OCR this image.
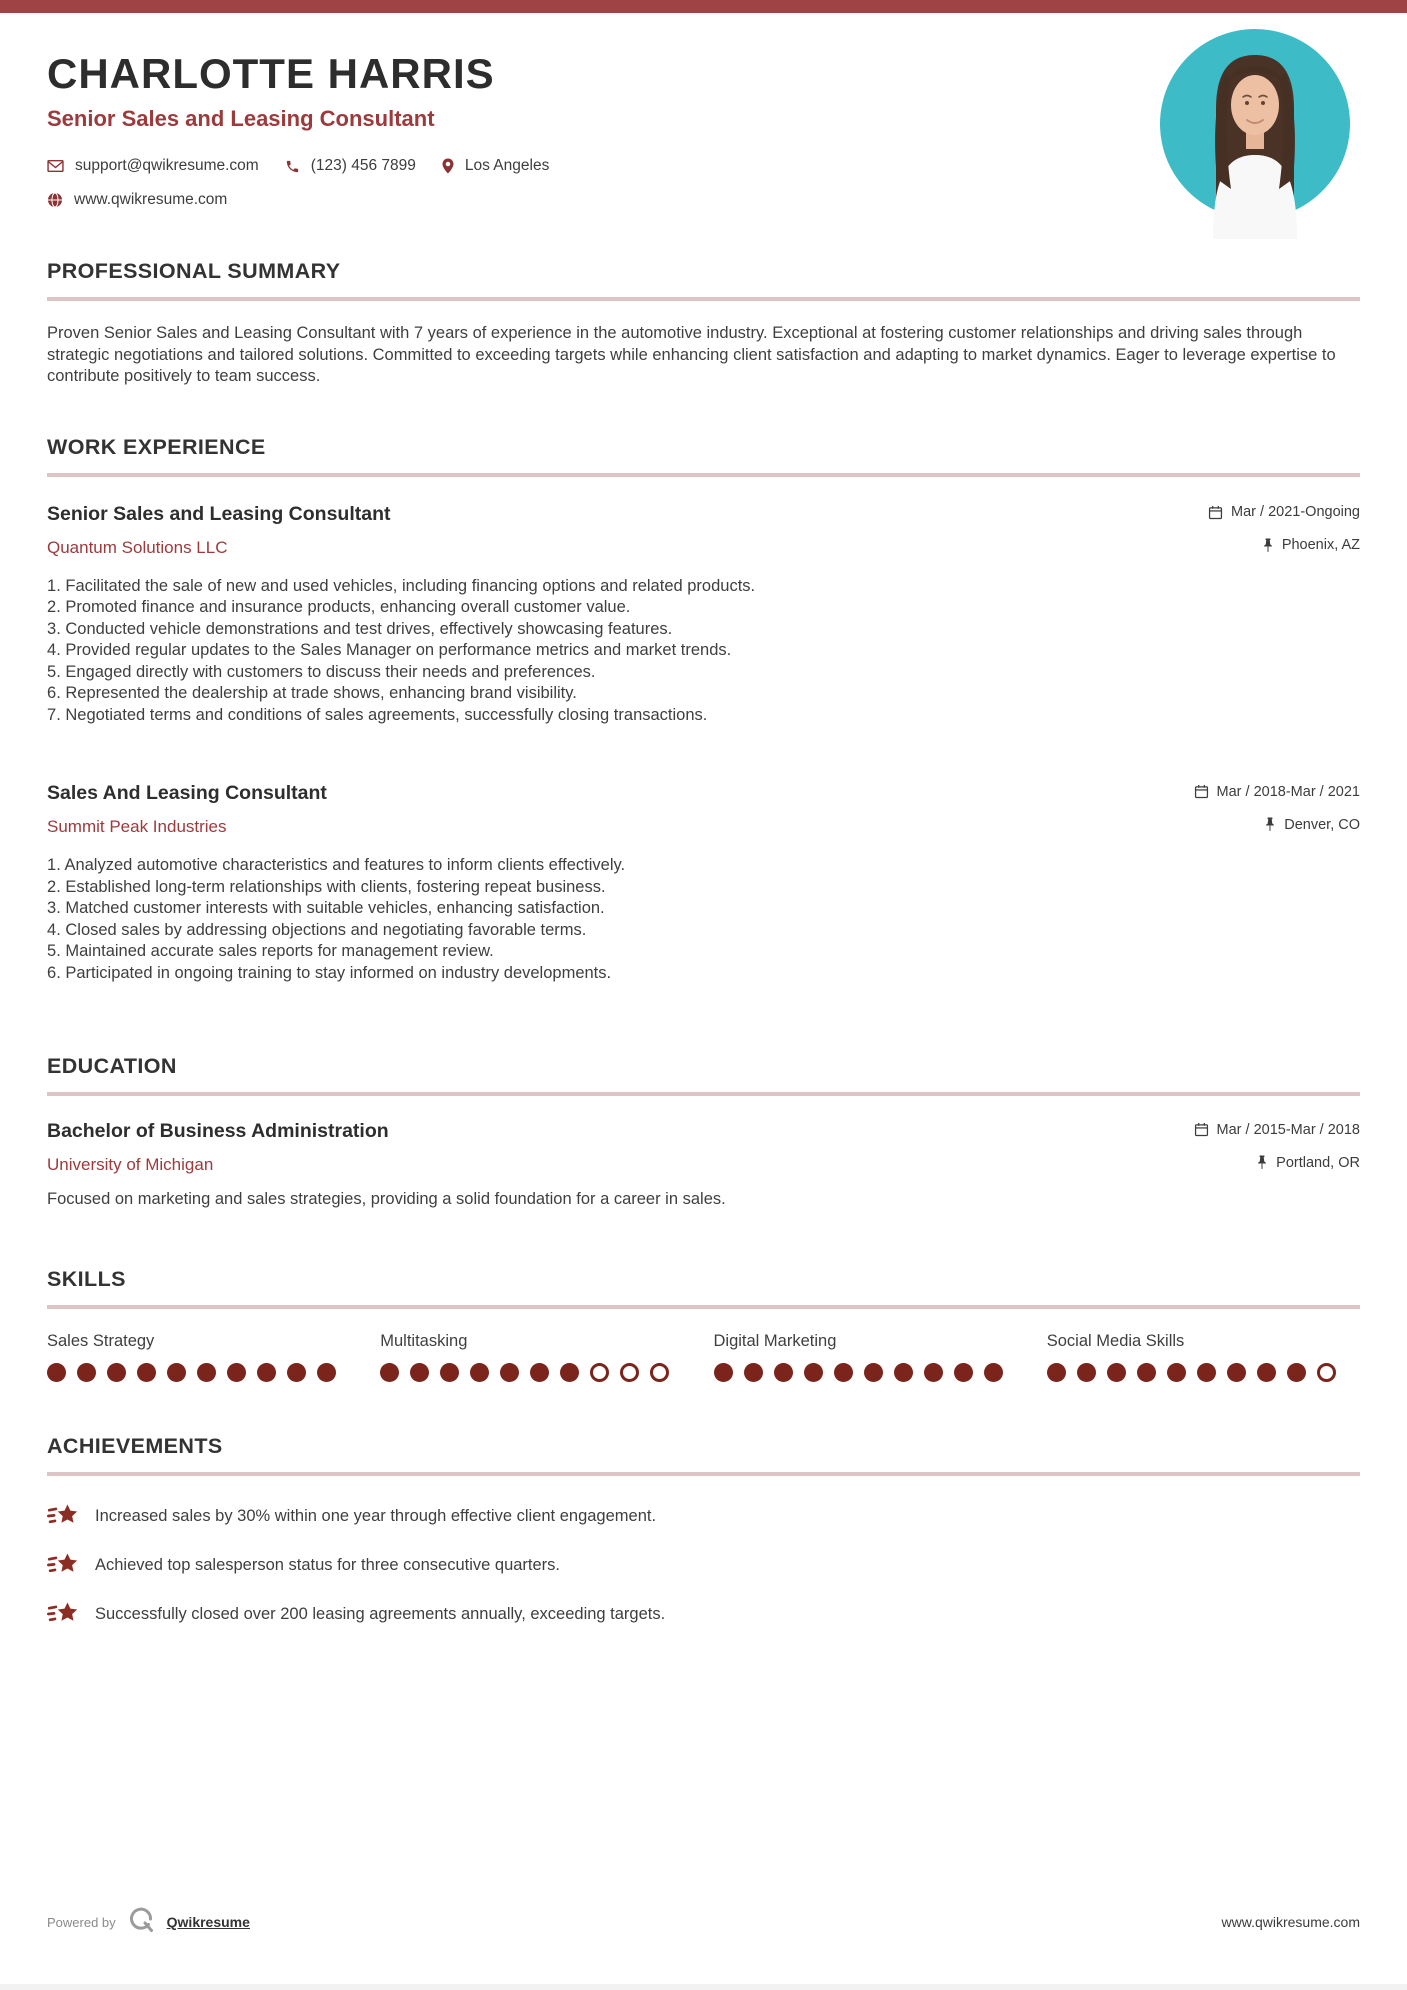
CHARLOTTE HARRIS
Senior Sales and Leasing Consultant
support@qwikresume.com	(123) 456 7899	Los Angeles
www.qwikresume.com
PROFESSIONAL SUMMARY
Proven Senior Sales and Leasing Consultant with 7 years of experience in the automotive industry. Exceptional at fostering customer relationships and driving sales through strategic negotiations and tailored solutions. Committed to exceeding targets while enhancing client satisfaction and adapting to market dynamics. Eager to leverage expertise to contribute positively to team success.
WORK EXPERIENCE
Senior Sales and Leasing Consultant	Mar / 2021-Ongoing
Quantum Solutions LLC	Phoenix, AZ
Facilitated the sale of new and used vehicles, including financing options and related products.
Promoted finance and insurance products, enhancing overall customer value.
Conducted vehicle demonstrations and test drives, effectively showcasing features.
Provided regular updates to the Sales Manager on performance metrics and market trends.
Engaged directly with customers to discuss their needs and preferences.
Represented the dealership at trade shows, enhancing brand visibility.
Negotiated terms and conditions of sales agreements, successfully closing transactions.
Sales And Leasing Consultant	Mar / 2018-Mar / 2021
Summit Peak Industries	Denver, CO
Analyzed automotive characteristics and features to inform clients effectively.
Established long-term relationships with clients, fostering repeat business.
Matched customer interests with suitable vehicles, enhancing satisfaction.
Closed sales by addressing objections and negotiating favorable terms.
Maintained accurate sales reports for management review.
Participated in ongoing training to stay informed on industry developments.
EDUCATION
Bachelor of Business Administration	Mar / 2015-Mar / 2018
University of Michigan	Portland, OR
Focused on marketing and sales strategies, providing a solid foundation for a career in sales.
SKILLS
Sales Strategy	Multitasking	Digital Marketing	Social Media Skills
ACHIEVEMENTS
Increased sales by 30% within one year through effective client engagement.
Achieved top salesperson status for three consecutive quarters.
Successfully closed over 200 leasing agreements annually, exceeding targets.
Powered by	Qwikresume	www.qwikresume.com
